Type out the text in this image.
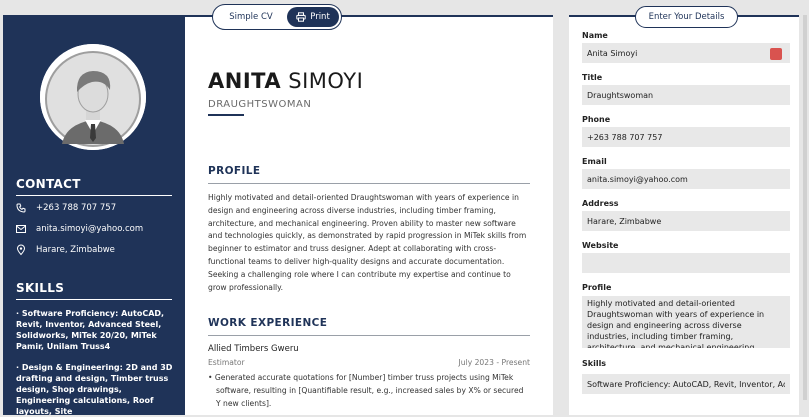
CONTACT
+263 788 707 757
anita.simoyi@yahoo.com
Harare, Zimbabwe
SKILLS
· Software Proficiency: AutoCAD, Revit, Inventor, Advanced Steel, Solidworks, MiTek 20/20, MiTek Pamir, Unilam Truss4
· Design & Engineering: 2D and 3D drafting and design, Timber truss design, Shop drawings, Engineering calculations, Roof layouts, Site
ANITA SIMOYI
DRAUGHTSWOMAN
PROFILE
Highly motivated and detail-oriented Draughtswoman with years of experience in design and engineering across diverse industries, including timber framing, architecture, and mechanical engineering. Proven ability to master new software and technologies quickly, as demonstrated by rapid progression in MiTek skills from beginner to estimator and truss designer. Adept at collaborating with cross-functional teams to deliver high-quality designs and accurate documentation. Seeking a challenging role where I can contribute my expertise and continue to grow professionally.
WORK EXPERIENCE
Allied Timbers Gweru
Estimator	July 2023 - Present
• Generated accurate quotations for [Number] timber truss projects using MiTek software, resulting in [Quantifiable result, e.g., increased sales by X% or secured Y new clients].
Simple CV	Print
Name
Anita Simoyi
Title
Draughtswoman
Phone
+263 788 707 757
Email
anita.simoyi@yahoo.com
Address
Harare, Zimbabwe
Website
Profile
Highly motivated and detail-oriented Draughtswoman with years of experience in design and engineering across diverse industries, including timber framing, architecture, and mechanical engineering.
Skills
Software Proficiency: AutoCAD, Revit, Inventor, Advanced Steel
Enter Your Details
